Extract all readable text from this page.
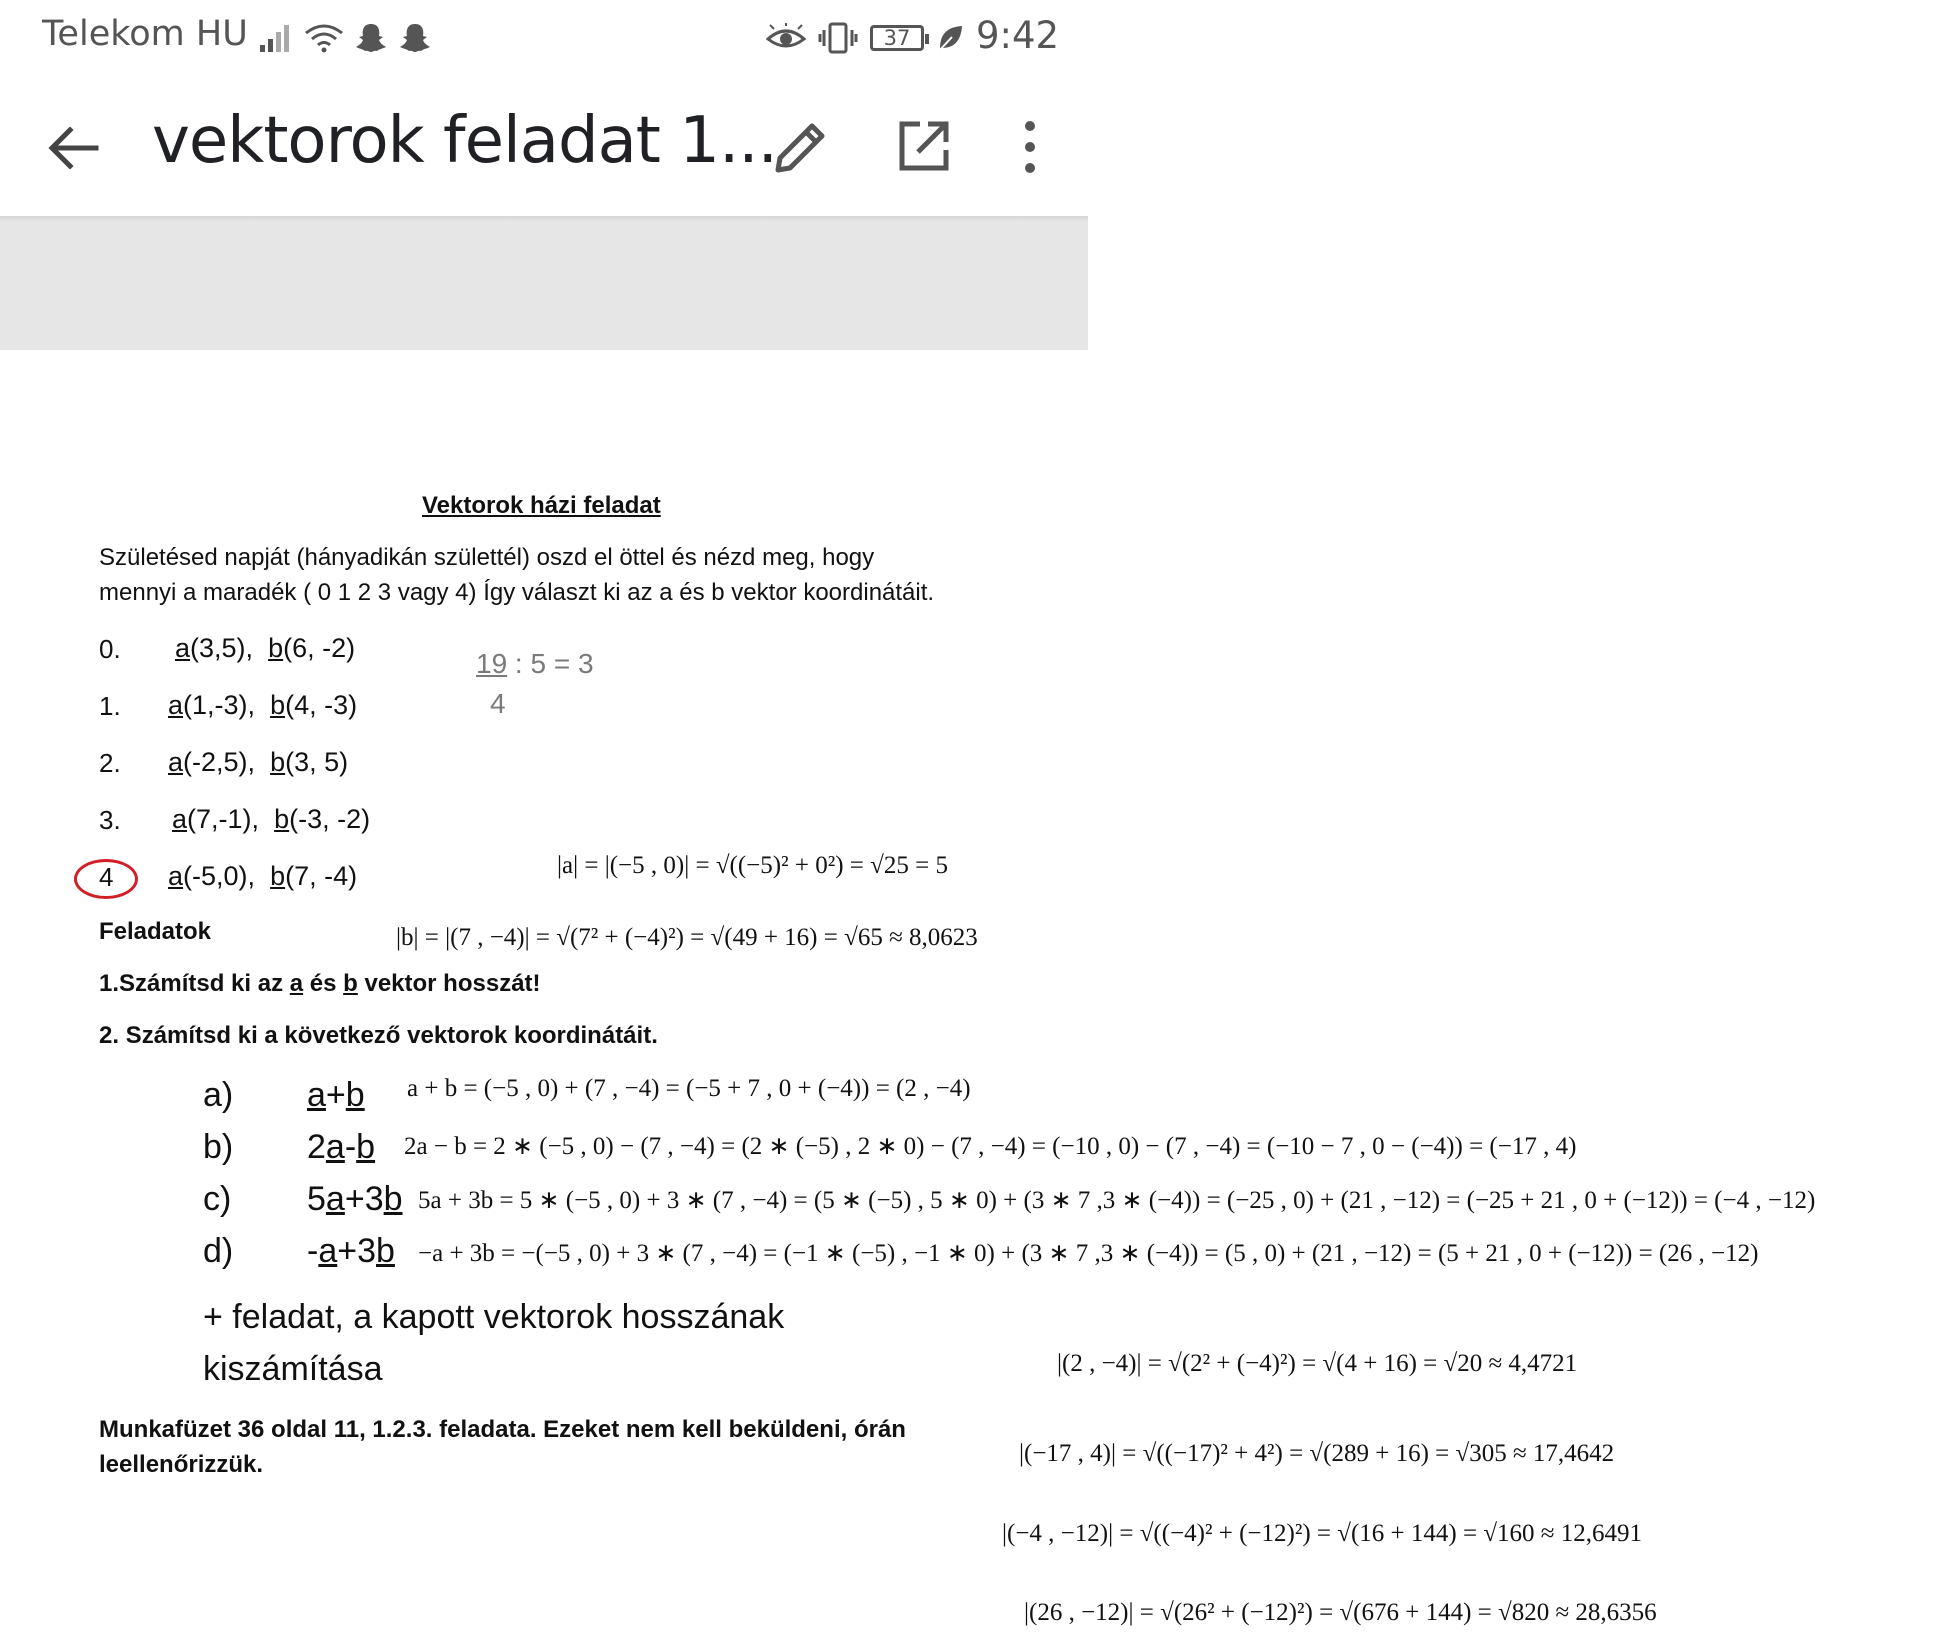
Telekom HU	37	9:42
vektorok feladat 1...
Vektorok házi feladat
Születésed napját (hányadikán születtél) oszd el öttel és nézd meg, hogy
mennyi a maradék ( 0 1 2 3 vagy 4) Így választ ki az a és b vektor koordinátáit.
0. a(3,5), b(6, -2)
1. a(1,-3), b(4, -3)
2. a(-2,5), b(3, 5)
3. a(7,-1), b(-3, -2)
4 a(-5,0), b(7, -4)
19 : 5 = 3
4
|a| = |(−5 , 0)| = √((−5)² + 0²) = √25 = 5
Feladatok	|b| = |(7 , −4)| = √(7² + (−4)²) = √(49 + 16) = √65 ≈ 8,0623
1.Számítsd ki az a és b vektor hosszát!
2. Számítsd ki a következő vektorok koordinátáit.
a) a+b a + b = (−5 , 0) + (7 , −4) = (−5 + 7 , 0 + (−4)) = (2 , −4)
b) 2a-b 2a − b = 2 ∗ (−5 , 0) − (7 , −4) = (2 ∗ (−5) , 2 ∗ 0) − (7 , −4) = (−10 , 0) − (7 , −4) = (−10 − 7 , 0 − (−4)) = (−17 , 4)
c) 5a+3b 5a + 3b = 5 ∗ (−5 , 0) + 3 ∗ (7 , −4) = (5 ∗ (−5) , 5 ∗ 0) + (3 ∗ 7 ,3 ∗ (−4)) = (−25 , 0) + (21 , −12) = (−25 + 21 , 0 + (−12)) = (−4 , −12)
d) -a+3b −a + 3b = −(−5 , 0) + 3 ∗ (7 , −4) = (−1 ∗ (−5) , −1 ∗ 0) + (3 ∗ 7 ,3 ∗ (−4)) = (5 , 0) + (21 , −12) = (5 + 21 , 0 + (−12)) = (26 , −12)
+ feladat, a kapott vektorok hosszának
kiszámítása	|(2 , −4)| = √(2² + (−4)²) = √(4 + 16) = √20 ≈ 4,4721
Munkafüzet 36 oldal 11, 1.2.3. feladata. Ezeket nem kell beküldeni, órán
leellenőrizzük.	|(−17 , 4)| = √((−17)² + 4²) = √(289 + 16) = √305 ≈ 17,4642
|(−4 , −12)| = √((−4)² + (−12)²) = √(16 + 144) = √160 ≈ 12,6491
|(26 , −12)| = √(26² + (−12)²) = √(676 + 144) = √820 ≈ 28,6356
